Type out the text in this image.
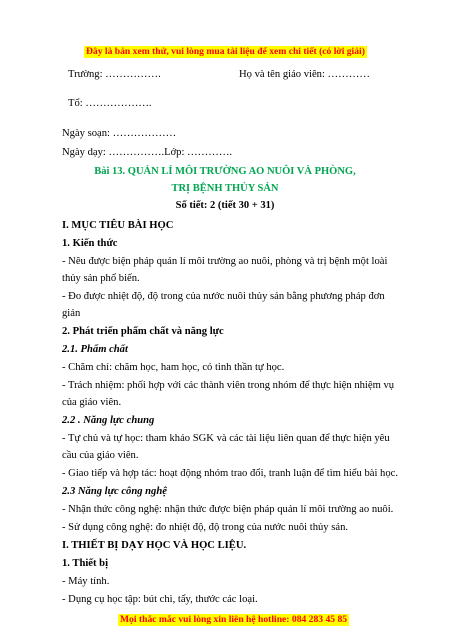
Đây là bản xem thử, vui lòng mua tài liệu để xem chi tiết (có lời giải)
Trường: …………….	Họ và tên giáo viên: …………
Tổ: ……………….
Ngày soạn: ………………
Ngày dạy: …………….Lớp: ………….
Bài 13. QUẢN LÍ MÔI TRƯỜNG AO NUÔI VÀ PHÒNG,
TRỊ BỆNH THỦY SẢN
Số tiết: 2 (tiết 30 + 31)
I. MỤC TIÊU BÀI HỌC
1. Kiến thức
- Nêu được biện pháp quản lí môi trường ao nuôi, phòng và trị bệnh một loài
thủy sản phổ biến.
- Đo được nhiệt độ, độ trong của nước nuôi thủy sản bằng phương pháp đơn
giản
2. Phát triển phẩm chất và năng lực
2.1. Phẩm chất
- Chăm chỉ: chăm học, ham học, có tinh thần tự học.
- Trách nhiệm: phối hợp với các thành viên trong nhóm để thực hiện nhiệm vụ
của giáo viên.
2.2 . Năng lực chung
- Tự chủ và tự học: tham khảo SGK và các tài liệu liên quan để thực hiện yêu
cầu của giáo viên.
- Giao tiếp và hợp tác: hoạt động nhóm trao đổi, tranh luận để tìm hiểu bài học.
2.3 Năng lực công nghệ
- Nhận thức công nghệ: nhận thức được biện pháp quản lí môi trường ao nuôi.
- Sử dụng công nghệ: đo nhiệt độ, độ trong của nước nuôi thủy sản.
I. THIẾT BỊ DẠY HỌC VÀ HỌC LIỆU.
1. Thiết bị
- Máy tính.
- Dụng cụ học tập: bút chì, tẩy, thước các loại.
Mọi thắc mắc vui lòng xin liên hệ hotline: 084 283 45 85
